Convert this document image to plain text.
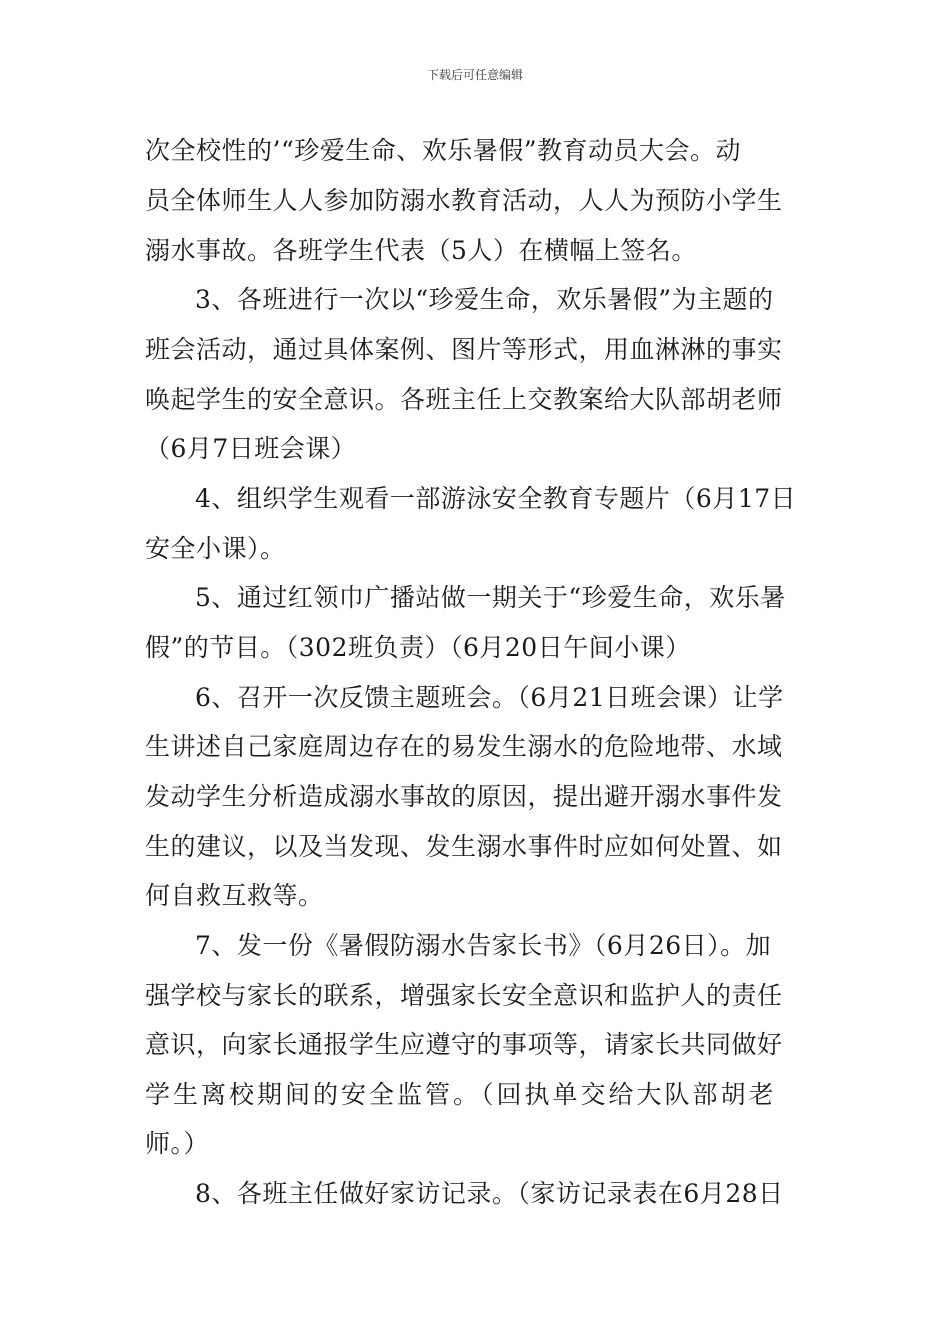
下载后可任意编辑
次全校性的’“珍爱生命、欢乐暑假”教育动员大会。动
员全体师生人人参加防溺水教育活动，人人为预防小学生
溺水事故。各班学生代表（5人）在横幅上签名。
3、各班进行一次以“珍爱生命，欢乐暑假”为主题的
班会活动，通过具体案例、图片等形式，用血淋淋的事实
唤起学生的安全意识。各班主任上交教案给大队部胡老师
（6月7日班会课）
4、组织学生观看一部游泳安全教育专题片（6月17日
安全小课）。
5、通过红领巾广播站做一期关于“珍爱生命，欢乐暑
假”的节目。（302班负责）（6月20日午间小课）
6、召开一次反馈主题班会。（6月21日班会课）让学
生讲述自己家庭周边存在的易发生溺水的危险地带、水域
发动学生分析造成溺水事故的原因，提出避开溺水事件发
生的建议，以及当发现、发生溺水事件时应如何处置、如
何自救互救等。
7、发一份《暑假防溺水告家长书》（6月26日）。加
强学校与家长的联系，增强家长安全意识和监护人的责任
意识，向家长通报学生应遵守的事项等，请家长共同做好
学生离校期间的安全监管。（回执单交给大队部胡老
师。）
8、各班主任做好家访记录。（家访记录表在6月28日
